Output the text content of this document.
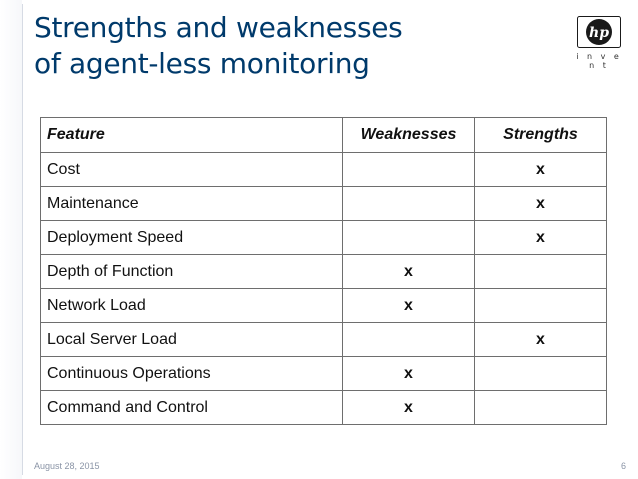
Strengths and weaknesses
of agent-less monitoring
hp
i n v e n t
Feature	Weaknesses	Strengths
Cost		x
Maintenance		x
Deployment Speed		x
Depth of Function	x	
Network Load	x	
Local Server Load		x
Continuous Operations	x	
Command and Control	x	
August 28, 2015	6
